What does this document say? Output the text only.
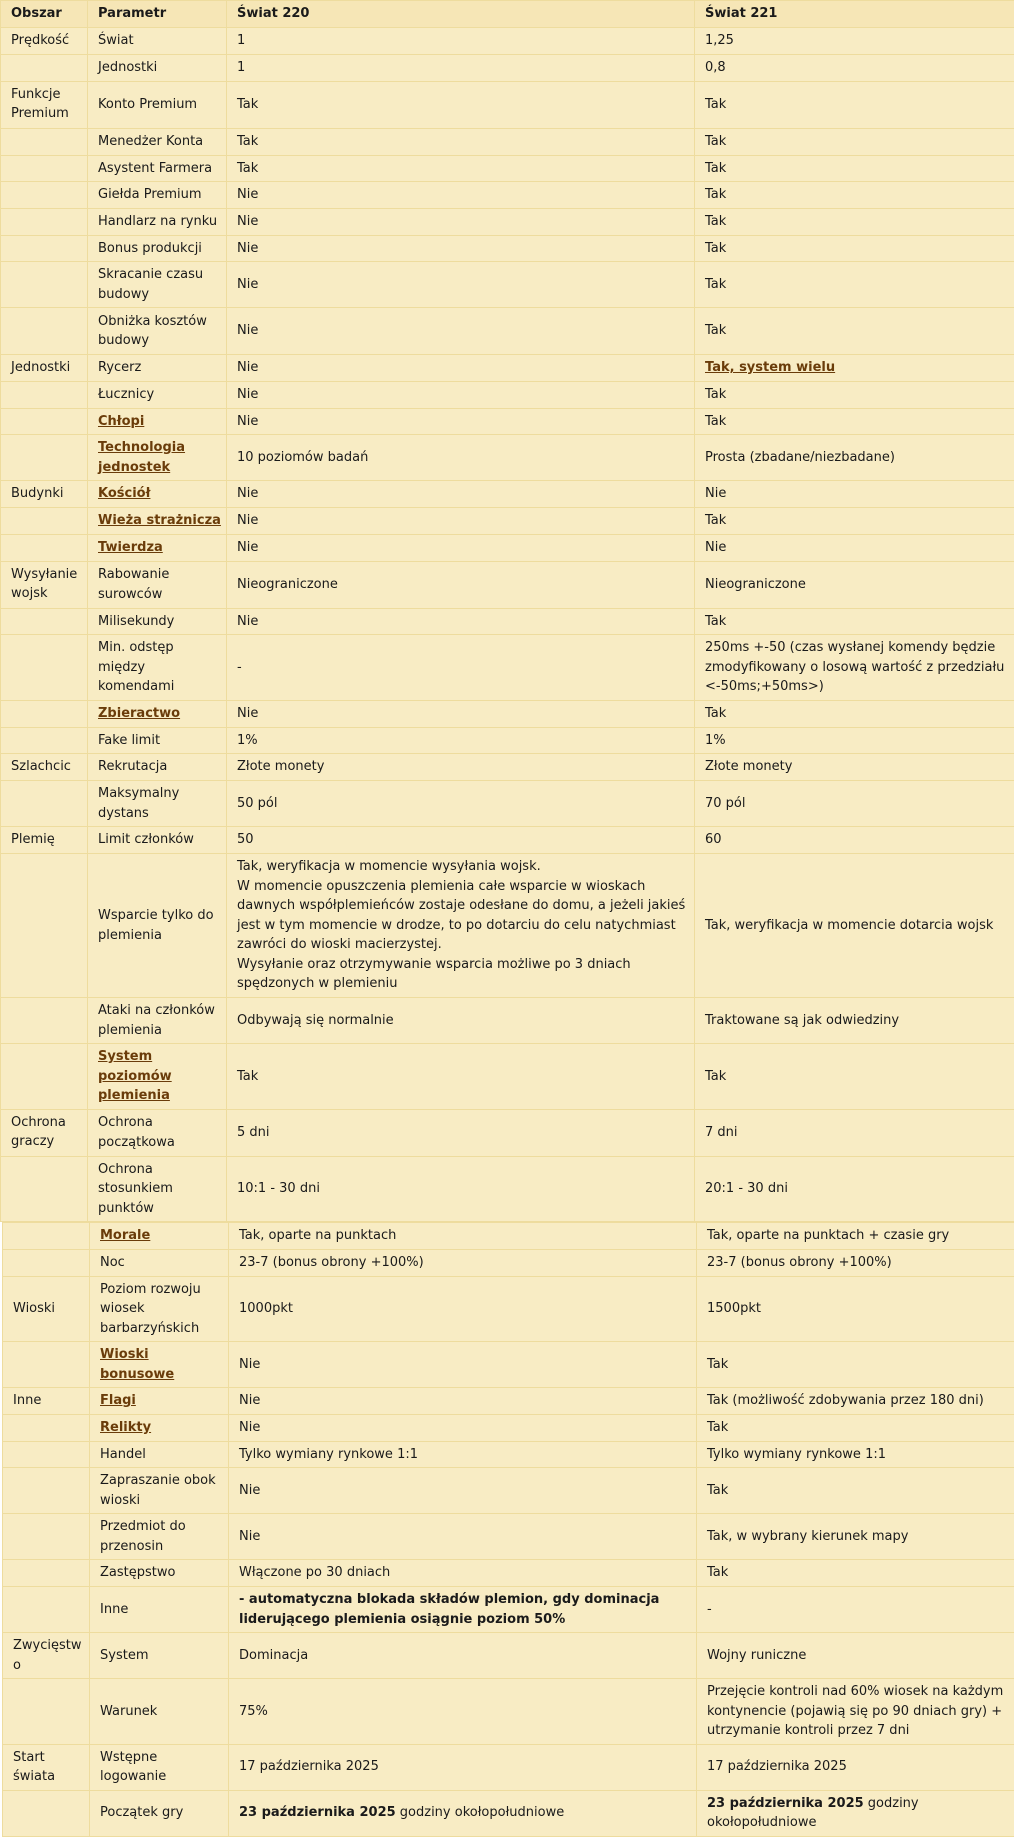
Obszar	Parametr	Świat 220	Świat 221
Prędkość	Świat	1	1,25
	Jednostki	1	0,8
Funkcje Premium	Konto Premium	Tak	Tak
	Menedżer Konta	Tak	Tak
	Asystent Farmera	Tak	Tak
	Giełda Premium	Nie	Tak
	Handlarz na rynku	Nie	Tak
	Bonus produkcji	Nie	Tak
	Skracanie czasu budowy	Nie	Tak
	Obniżka kosztów budowy	Nie	Tak
Jednostki	Rycerz	Nie	Tak, system wielu
	Łucznicy	Nie	Tak
	Chłopi	Nie	Tak
	Technologia jednostek	10 poziomów badań	Prosta (zbadane/niezbadane)
Budynki	Kościół	Nie	Nie
	Wieża strażnicza	Nie	Tak
	Twierdza	Nie	Nie
Wysyłanie wojsk	Rabowanie surowców	Nieograniczone	Nieograniczone
	Milisekundy	Nie	Tak
	Min. odstęp między komendami	-	250ms +-50 (czas wysłanej komendy będzie zmodyfikowany o losową wartość z przedziału <-50ms;+50ms>)
	Zbieractwo	Nie	Tak
	Fake limit	1%	1%
Szlachcic	Rekrutacja	Złote monety	Złote monety
	Maksymalny dystans	50 pól	70 pól
Plemię	Limit członków	50	60
	Wsparcie tylko do plemienia	Tak, weryfikacja w momencie wysyłania wojsk.
W momencie opuszczenia plemienia całe wsparcie w wioskach dawnych współplemieńców zostaje odesłane do domu, a jeżeli jakieś jest w tym momencie w drodze, to po dotarciu do celu natychmiast zawróci do wioski macierzystej.
Wysyłanie oraz otrzymywanie wsparcia możliwe po 3 dniach spędzonych w plemieniu	Tak, weryfikacja w momencie dotarcia wojsk
	Ataki na członków plemienia	Odbywają się normalnie	Traktowane są jak odwiedziny
	System poziomów plemienia	Tak	Tak
Ochrona graczy	Ochrona początkowa	5 dni	7 dni
	Ochrona stosunkiem punktów	10:1 - 30 dni	20:1 - 30 dni
	Morale	Tak, oparte na punktach	Tak, oparte na punktach + czasie gry
	Noc	23-7 (bonus obrony +100%)	23-7 (bonus obrony +100%)
Wioski	Poziom rozwoju wiosek barbarzyńskich	1000pkt	1500pkt
	Wioski bonusowe	Nie	Tak
Inne	Flagi	Nie	Tak (możliwość zdobywania przez 180 dni)
	Relikty	Nie	Tak
	Handel	Tylko wymiany rynkowe 1:1	Tylko wymiany rynkowe 1:1
	Zapraszanie obok wioski	Nie	Tak
	Przedmiot do przenosin	Nie	Tak, w wybrany kierunek mapy
	Zastępstwo	Włączone po 30 dniach	Tak
	Inne	- automatyczna blokada składów plemion, gdy dominacja liderującego plemienia osiągnie poziom 50%	-
Zwycięstwo	System	Dominacja	Wojny runiczne
	Warunek	75%	Przejęcie kontroli nad 60% wiosek na każdym kontynencie (pojawią się po 90 dniach gry) + utrzymanie kontroli przez 7 dni
Start świata	Wstępne logowanie	17 października 2025	17 października 2025
	Początek gry	23 października 2025 godziny okołopołudniowe	23 października 2025 godziny okołopołudniowe
